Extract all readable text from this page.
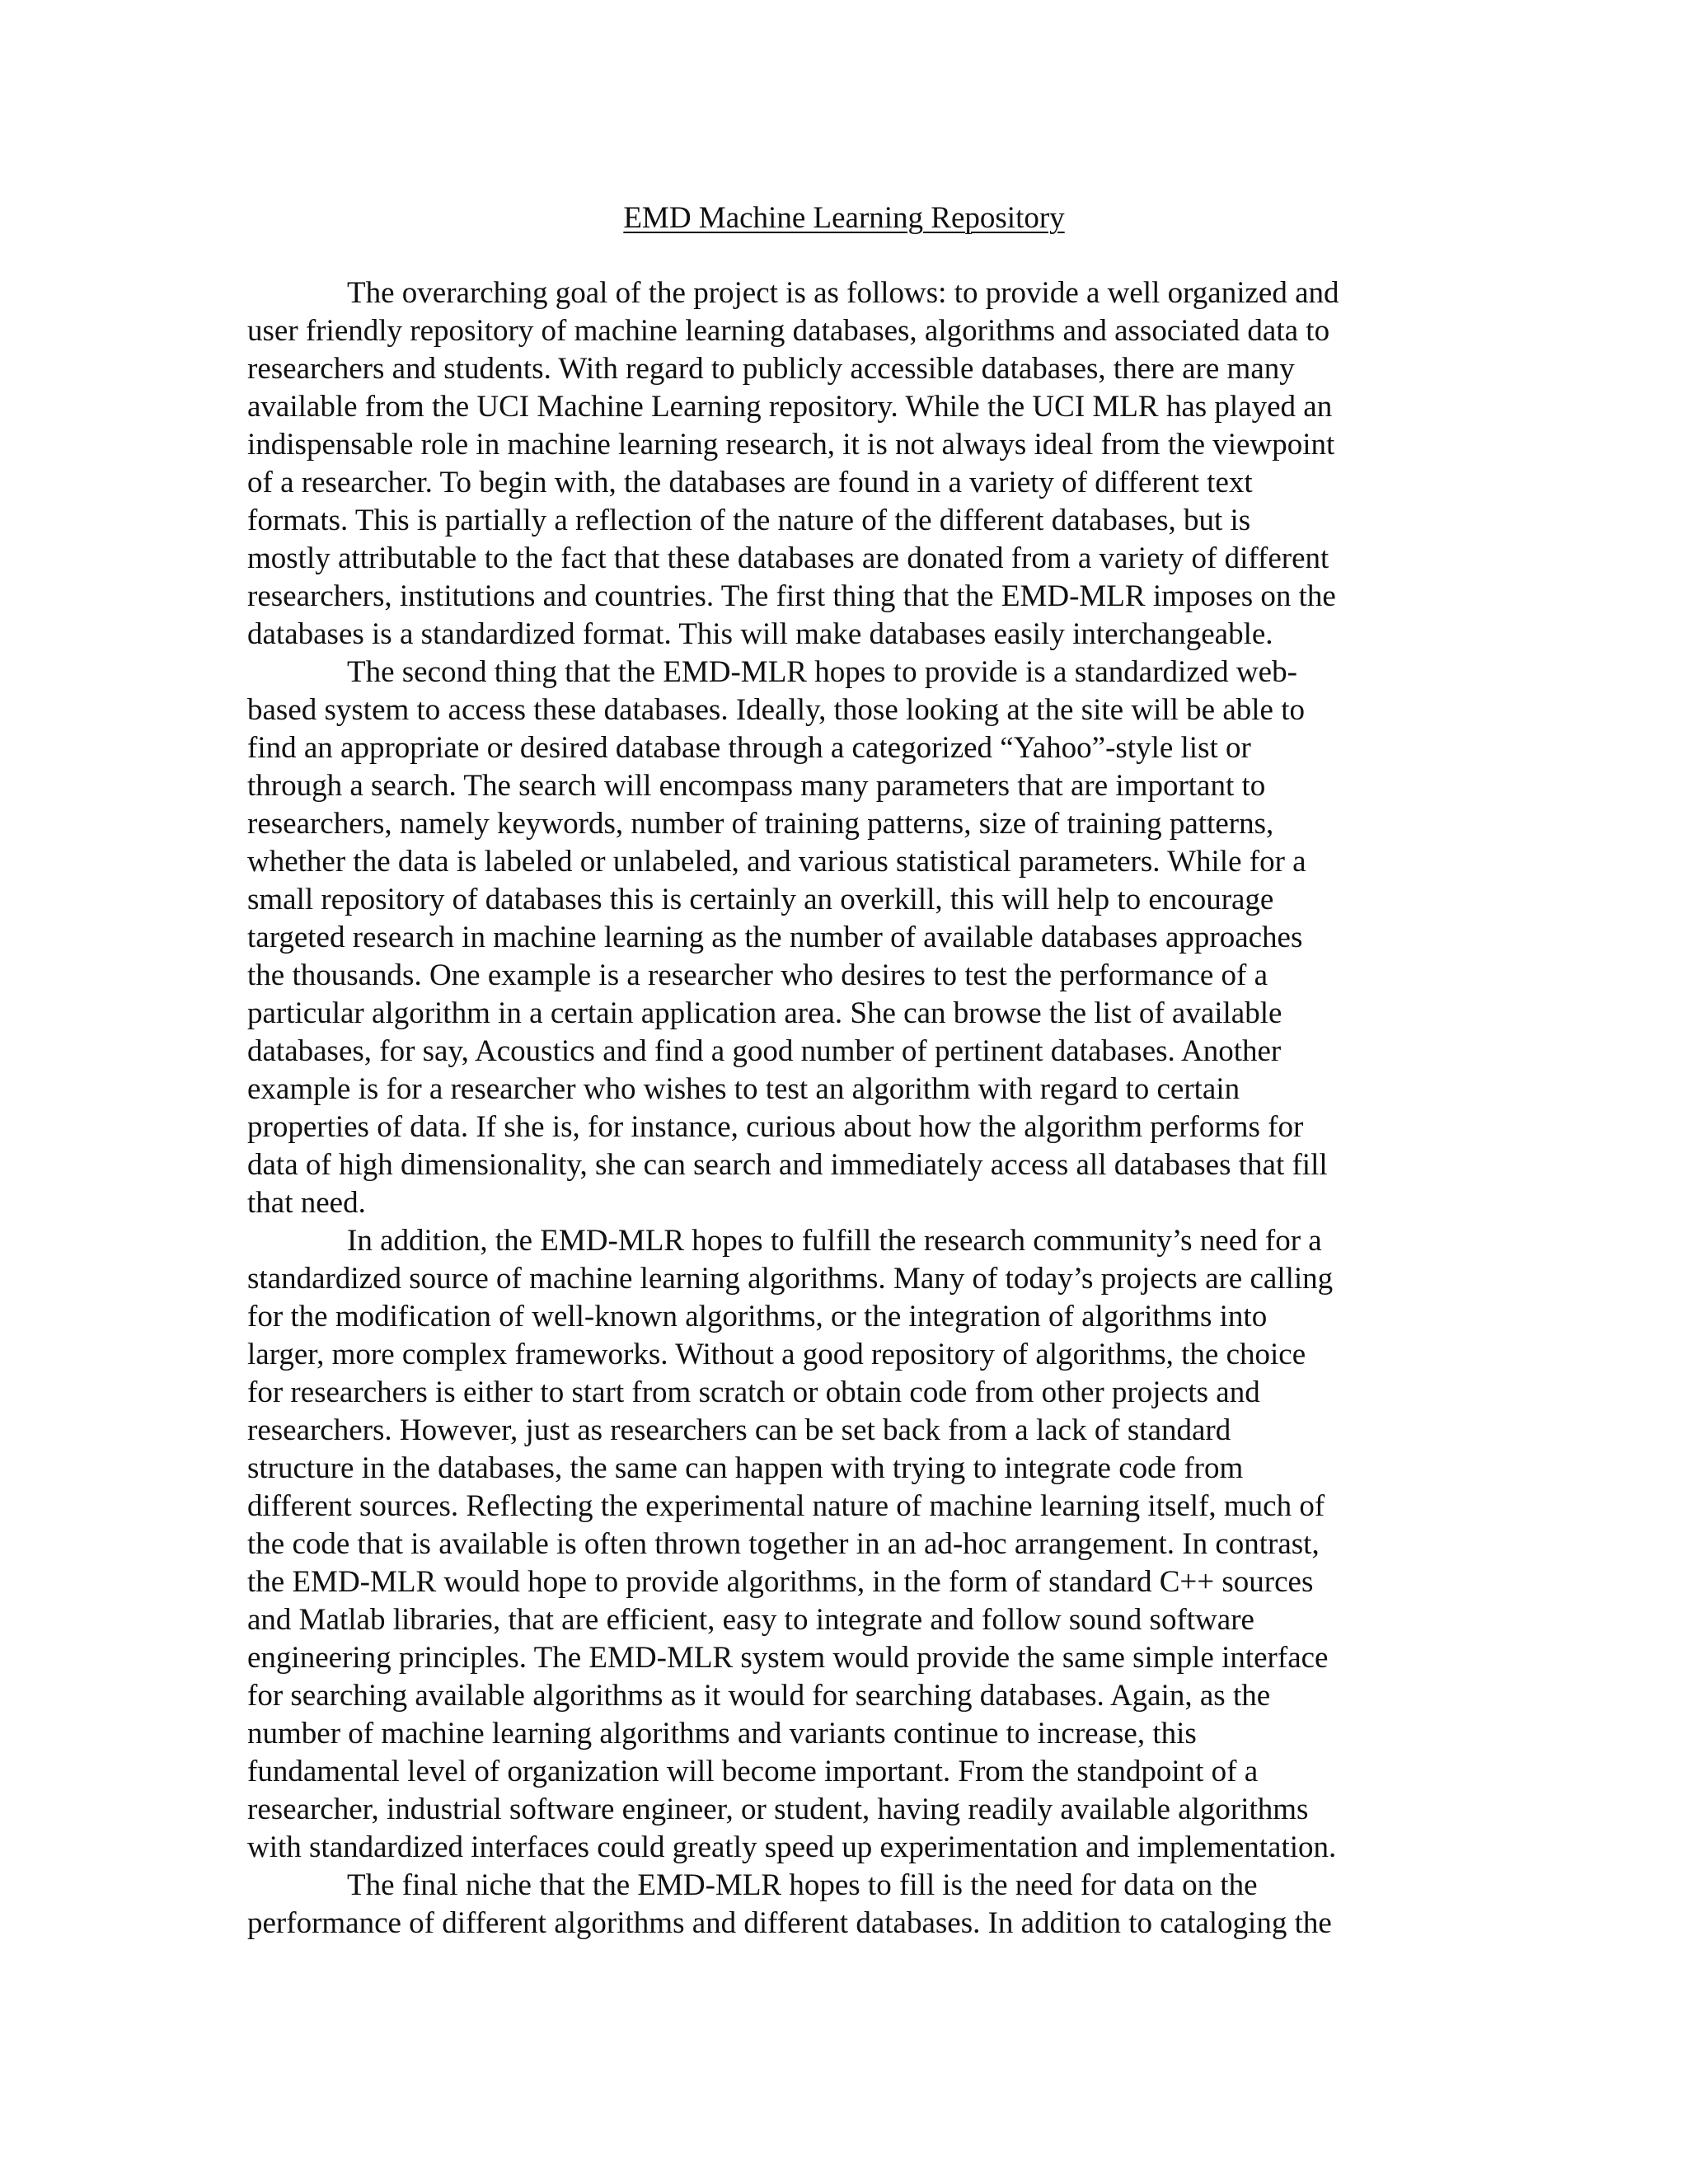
EMD Machine Learning Repository
The overarching goal of the project is as follows: to provide a well organized and
user friendly repository of machine learning databases, algorithms and associated data to
researchers and students. With regard to publicly accessible databases, there are many
available from the UCI Machine Learning repository. While the UCI MLR has played an
indispensable role in machine learning research, it is not always ideal from the viewpoint
of a researcher. To begin with, the databases are found in a variety of different text
formats. This is partially a reflection of the nature of the different databases, but is
mostly attributable to the fact that these databases are donated from a variety of different
researchers, institutions and countries. The first thing that the EMD-MLR imposes on the
databases is a standardized format. This will make databases easily interchangeable.
The second thing that the EMD-MLR hopes to provide is a standardized web-
based system to access these databases. Ideally, those looking at the site will be able to
find an appropriate or desired database through a categorized “Yahoo”-style list or
through a search. The search will encompass many parameters that are important to
researchers, namely keywords, number of training patterns, size of training patterns,
whether the data is labeled or unlabeled, and various statistical parameters. While for a
small repository of databases this is certainly an overkill, this will help to encourage
targeted research in machine learning as the number of available databases approaches
the thousands. One example is a researcher who desires to test the performance of a
particular algorithm in a certain application area. She can browse the list of available
databases, for say, Acoustics and find a good number of pertinent databases. Another
example is for a researcher who wishes to test an algorithm with regard to certain
properties of data. If she is, for instance, curious about how the algorithm performs for
data of high dimensionality, she can search and immediately access all databases that fill
that need.
In addition, the EMD-MLR hopes to fulfill the research community’s need for a
standardized source of machine learning algorithms. Many of today’s projects are calling
for the modification of well-known algorithms, or the integration of algorithms into
larger, more complex frameworks. Without a good repository of algorithms, the choice
for researchers is either to start from scratch or obtain code from other projects and
researchers. However, just as researchers can be set back from a lack of standard
structure in the databases, the same can happen with trying to integrate code from
different sources. Reflecting the experimental nature of machine learning itself, much of
the code that is available is often thrown together in an ad-hoc arrangement. In contrast,
the EMD-MLR would hope to provide algorithms, in the form of standard C++ sources
and Matlab libraries, that are efficient, easy to integrate and follow sound software
engineering principles. The EMD-MLR system would provide the same simple interface
for searching available algorithms as it would for searching databases. Again, as the
number of machine learning algorithms and variants continue to increase, this
fundamental level of organization will become important. From the standpoint of a
researcher, industrial software engineer, or student, having readily available algorithms
with standardized interfaces could greatly speed up experimentation and implementation.
The final niche that the EMD-MLR hopes to fill is the need for data on the
performance of different algorithms and different databases. In addition to cataloging the
